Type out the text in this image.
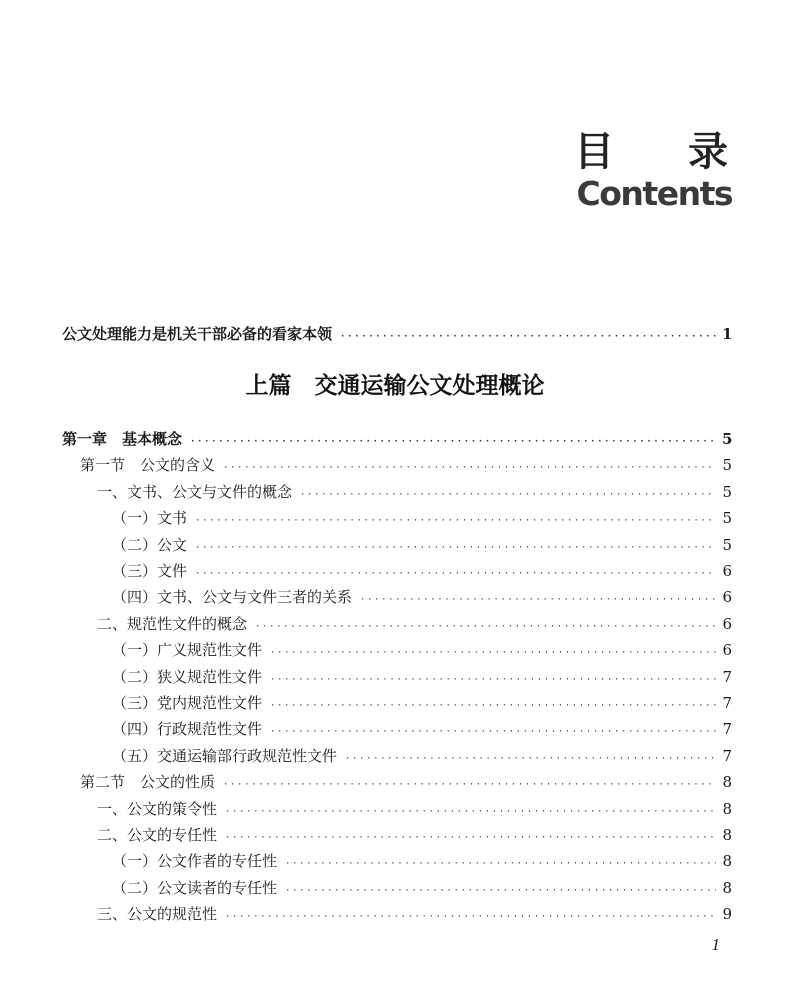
目 录
Contents
公文处理能力是机关干部必备的看家本领 ·····	1
上篇　交通运输公文处理概论
第一章　基本概念 ·····	5
第一节　公文的含义 ·····	5
一、文书、公文与文件的概念 ·····	5
（一）文书 ·····	5
（二）公文 ·····	5
（三）文件 ·····	6
（四）文书、公文与文件三者的关系 ·····	6
二、规范性文件的概念 ·····	6
（一）广义规范性文件 ·····	6
（二）狭义规范性文件 ·····	7
（三）党内规范性文件 ·····	7
（四）行政规范性文件 ·····	7
（五）交通运输部行政规范性文件 ·····	7
第二节　公文的性质 ·····	8
一、公文的策令性 ·····	8
二、公文的专任性 ·····	8
（一）公文作者的专任性 ·····	8
（二）公文读者的专任性 ·····	8
三、公文的规范性 ·····	9
1
